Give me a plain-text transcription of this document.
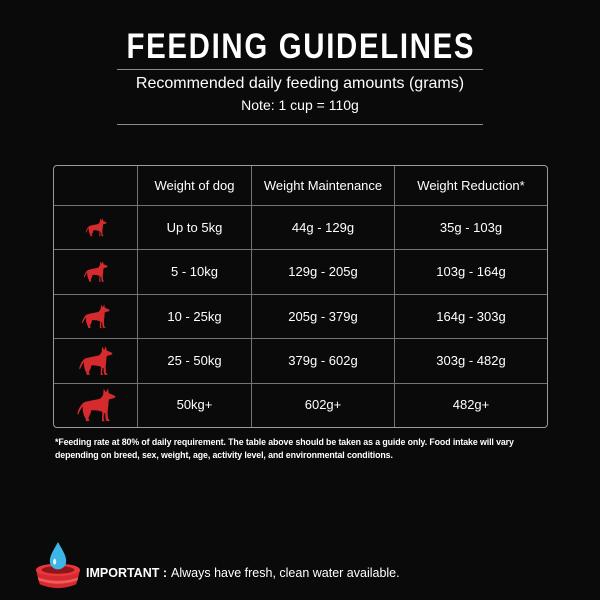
FEEDING GUIDELINES
Recommended daily feeding amounts (grams)
Note: 1 cup = 110g
Weight of dog	Weight Maintenance	Weight Reduction*
Up to 5kg	44g - 129g	35g - 103g
5 - 10kg	129g - 205g	103g - 164g
10 - 25kg	205g - 379g	164g - 303g
25 - 50kg	379g - 602g	303g - 482g
50kg+	602g+	482g+
*Feeding rate at 80% of daily requirement. The table above should be taken as a guide only. Food intake will vary
depending on breed, sex, weight, age, activity level, and environmental conditions.
IMPORTANT : Always have fresh, clean water available.
